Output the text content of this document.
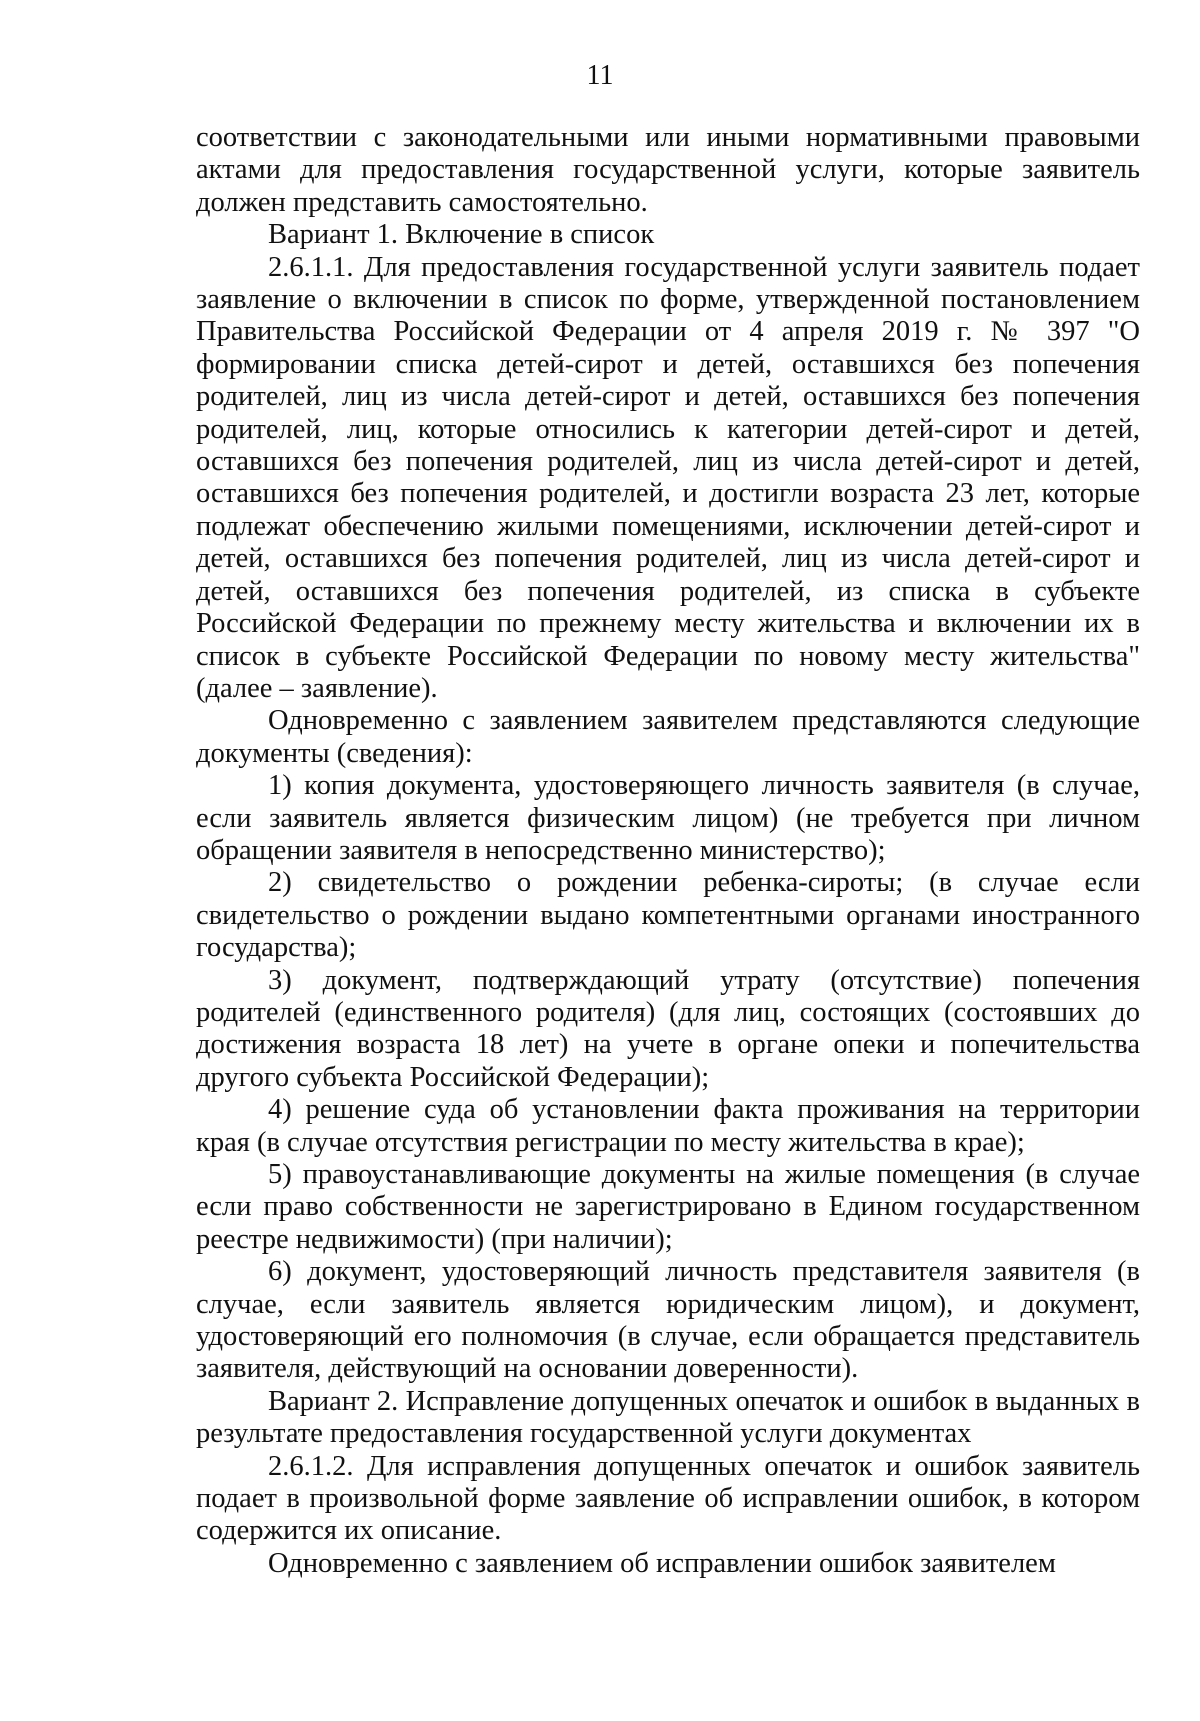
11

соответствии с законодательными или иными нормативными правовыми актами для предоставления государственной услуги, которые заявитель должен представить самостоятельно.

Вариант 1. Включение в список

2.6.1.1. Для предоставления государственной услуги заявитель подает заявление о включении в список по форме, утвержденной постановлением Правительства Российской Федерации от 4 апреля 2019 г. № 397 "О формировании списка детей-сирот и детей, оставшихся без попечения родителей, лиц из числа детей-сирот и детей, оставшихся без попечения родителей, лиц, которые относились к категории детей-сирот и детей, оставшихся без попечения родителей, лиц из числа детей-сирот и детей, оставшихся без попечения родителей, и достигли возраста 23 лет, которые подлежат обеспечению жилыми помещениями, исключении детей-сирот и детей, оставшихся без попечения родителей, лиц из числа детей-сирот и детей, оставшихся без попечения родителей, из списка в субъекте Российской Федерации по прежнему месту жительства и включении их в список в субъекте Российской Федерации по новому месту жительства" (далее – заявление).

Одновременно с заявлением заявителем представляются следующие документы (сведения):

1) копия документа, удостоверяющего личность заявителя (в случае, если заявитель является физическим лицом) (не требуется при личном обращении заявителя в непосредственно министерство);

2) свидетельство о рождении ребенка-сироты; (в случае если свидетельство о рождении выдано компетентными органами иностранного государства);

3) документ, подтверждающий утрату (отсутствие) попечения родителей (единственного родителя) (для лиц, состоящих (состоявших до достижения возраста 18 лет) на учете в органе опеки и попечительства другого субъекта Российской Федерации);

4) решение суда об установлении факта проживания на территории края (в случае отсутствия регистрации по месту жительства в крае);

5) правоустанавливающие документы на жилые помещения (в случае если право собственности не зарегистрировано в Едином государственном реестре недвижимости) (при наличии);

6) документ, удостоверяющий личность представителя заявителя (в случае, если заявитель является юридическим лицом), и документ, удостоверяющий его полномочия (в случае, если обращается представитель заявителя, действующий на основании доверенности).

Вариант 2. Исправление допущенных опечаток и ошибок в выданных в результате предоставления государственной услуги документах

2.6.1.2. Для исправления допущенных опечаток и ошибок заявитель подает в произвольной форме заявление об исправлении ошибок, в котором содержится их описание.

Одновременно с заявлением об исправлении ошибок заявителем
